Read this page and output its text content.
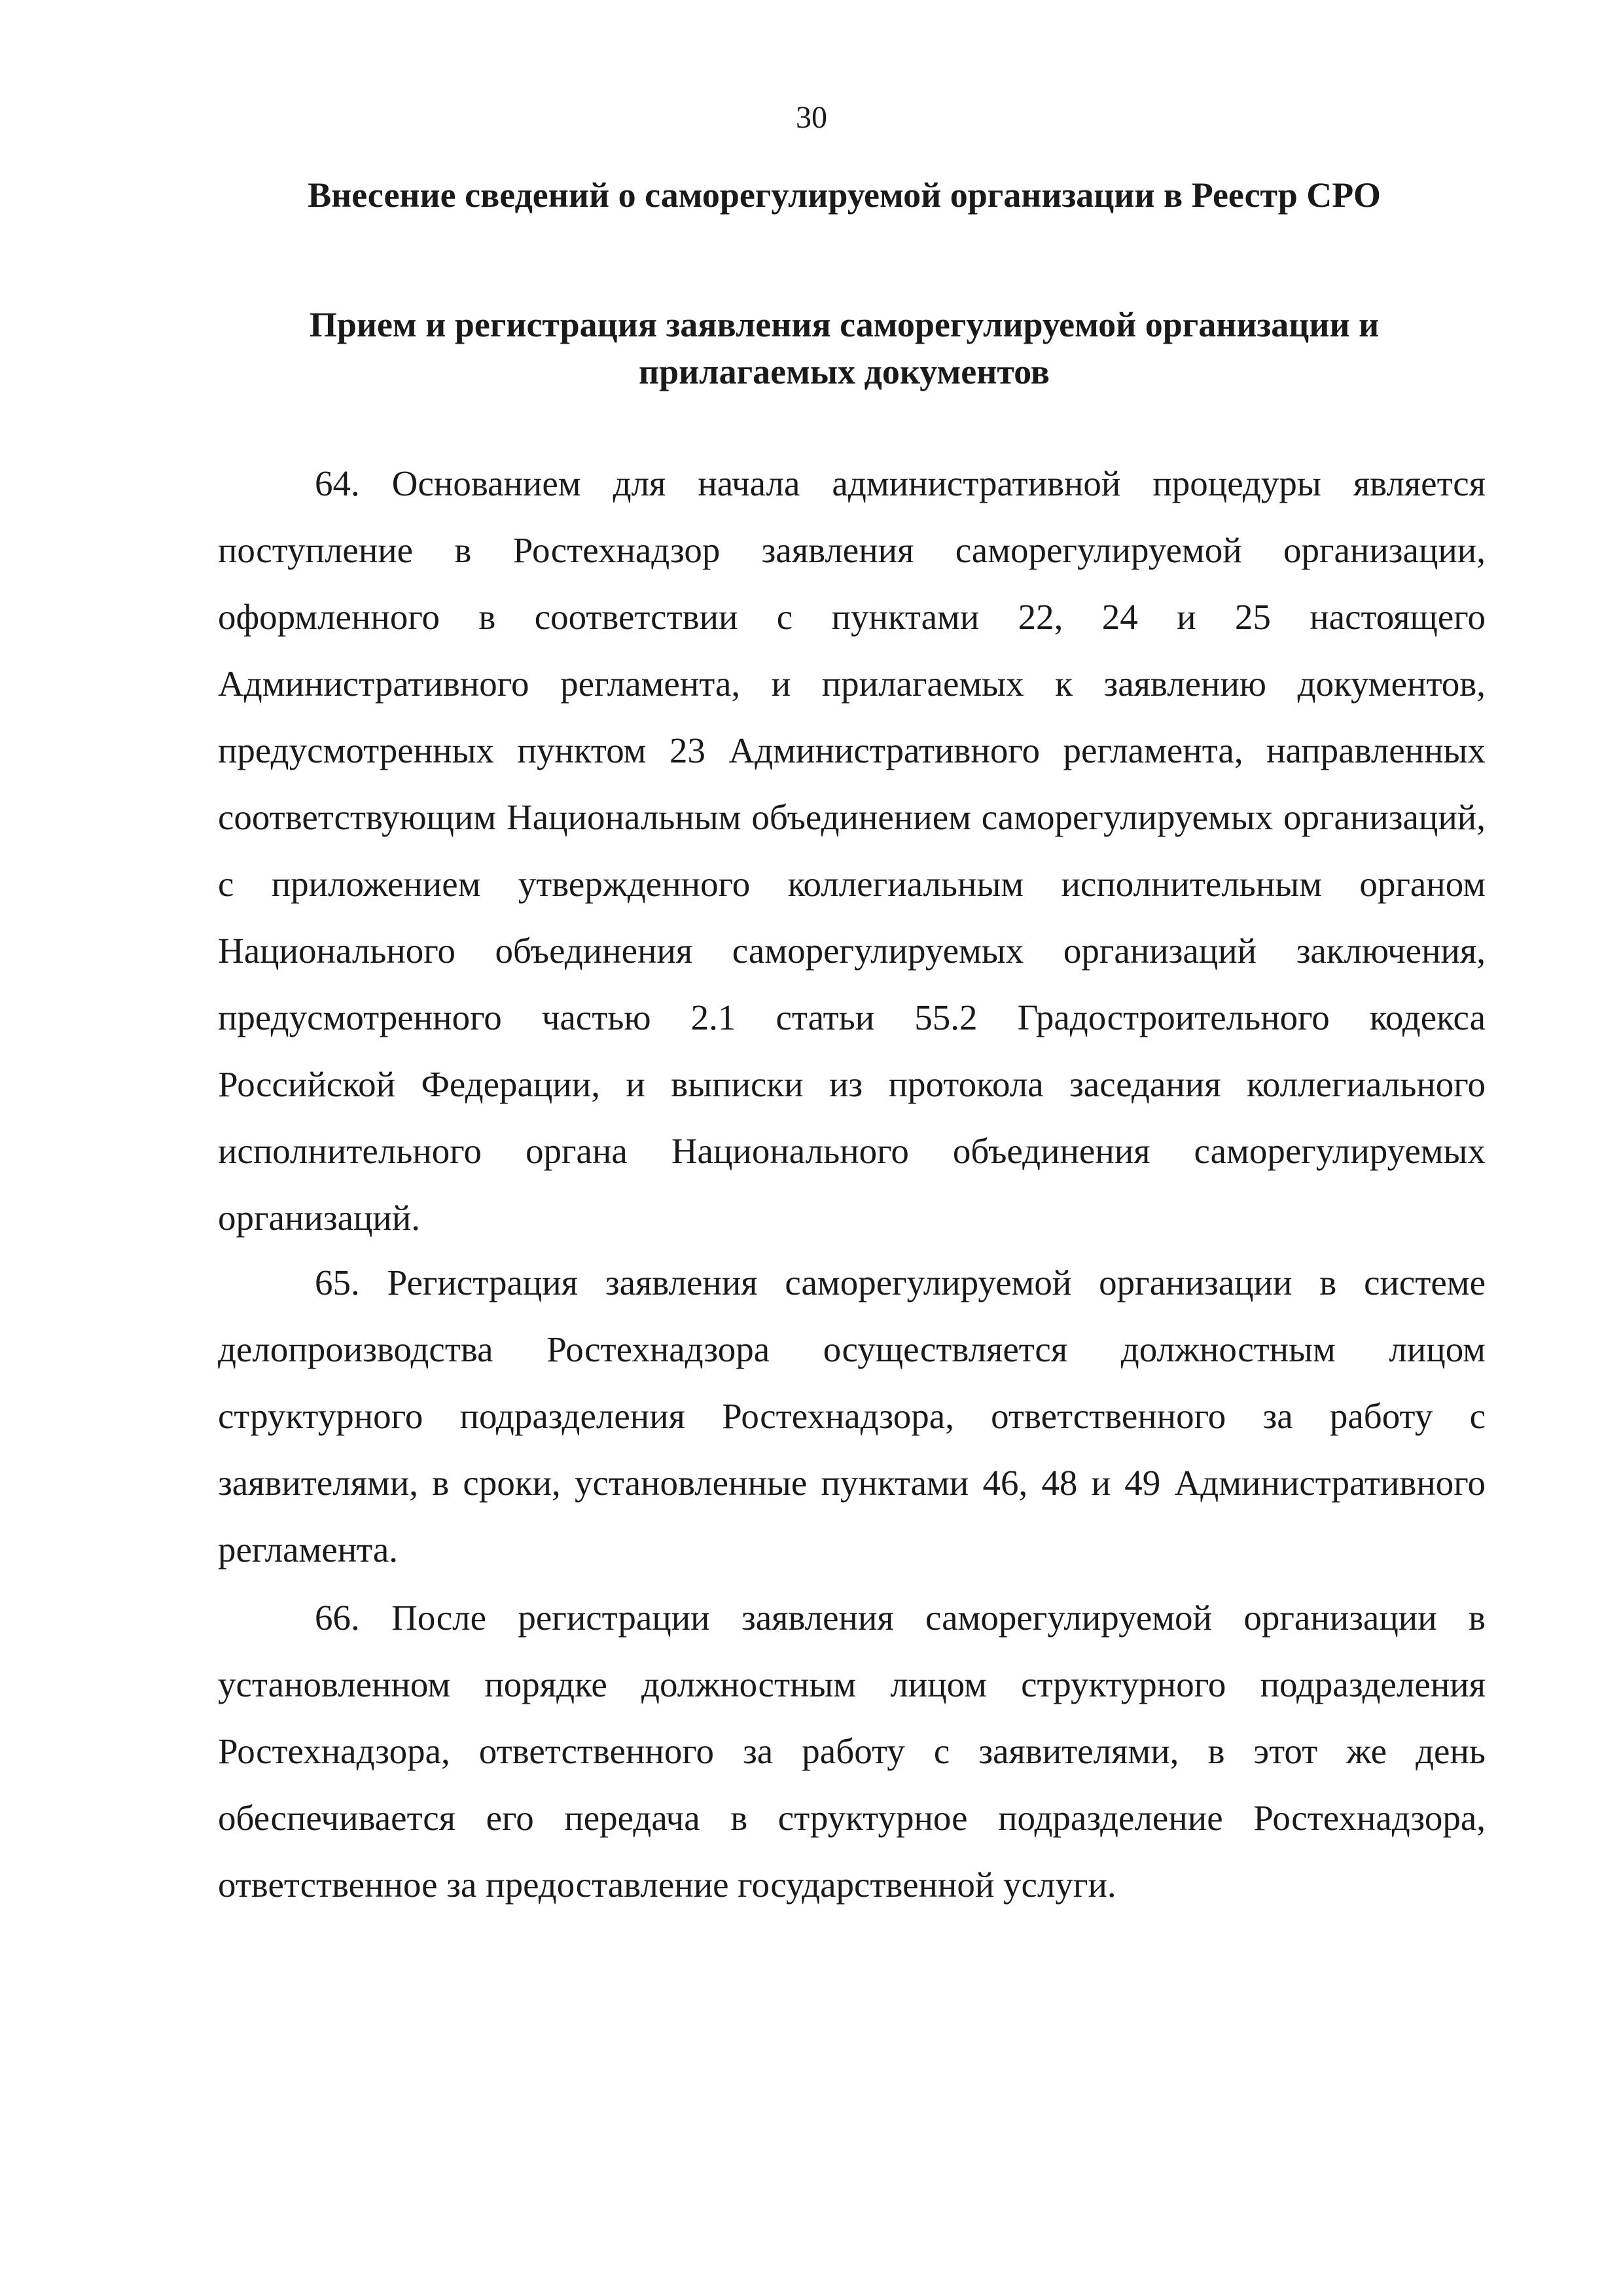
30
Внесение сведений о саморегулируемой организации в Реестр СРО
Прием и регистрация заявления саморегулируемой организации и
прилагаемых документов

64. Основанием для начала административной процедуры является поступление в Ростехнадзор заявления саморегулируемой организации, оформленного в соответствии с пунктами 22, 24 и 25 настоящего Административного регламента, и прилагаемых к заявлению документов, предусмотренных пунктом 23 Административного регламента, направленных соответствующим Национальным объединением саморегулируемых организаций, с приложением утвержденного коллегиальным исполнительным органом Национального объединения саморегулируемых организаций заключения, предусмотренного частью 2.1 статьи 55.2 Градостроительного кодекса Российской Федерации, и выписки из протокола заседания коллегиального исполнительного органа Национального объединения саморегулируемых организаций.

65. Регистрация заявления саморегулируемой организации в системе делопроизводства Ростехнадзора осуществляется должностным лицом структурного подразделения Ростехнадзора, ответственного за работу с заявителями, в сроки, установленные пунктами 46, 48 и 49 Административного регламента.

66. После регистрации заявления саморегулируемой организации в установленном порядке должностным лицом структурного подразделения Ростехнадзора, ответственного за работу с заявителями, в этот же день обеспечивается его передача в структурное подразделение Ростехнадзора, ответственное за предоставление государственной услуги.
